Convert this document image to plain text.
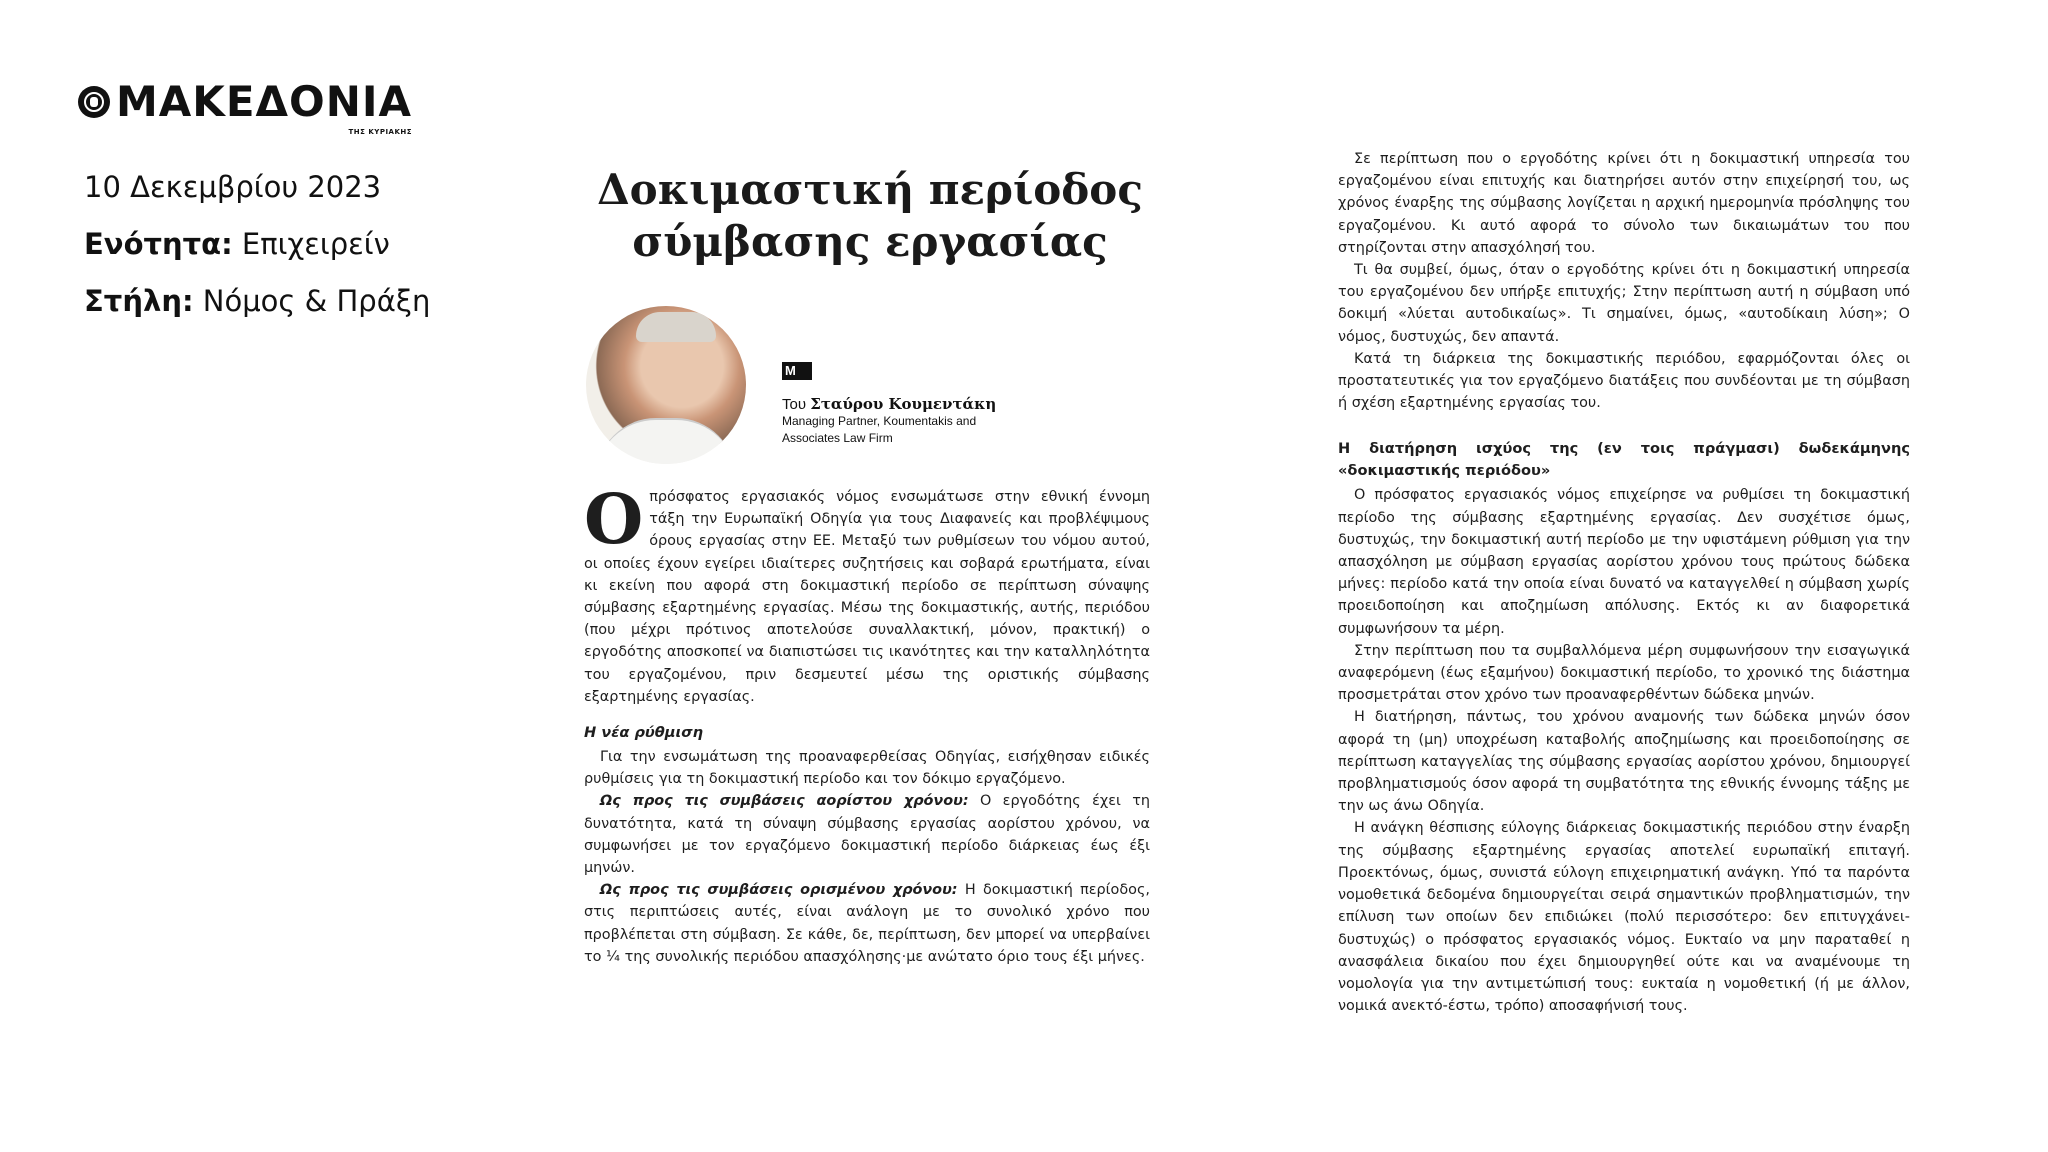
ΜΑΚΕΔΟΝΙΑ
ΤΗΣ ΚΥΡΙΑΚΗΣ
10 Δεκεμβρίου 2023
Ενότητα: Επιχειρείν
Στήλη: Νόμος & Πράξη
Δοκιμαστική περίοδος
σύμβασης εργασίας
M
Του Σταύρου Κουμεντάκη
Managing Partner, Koumentakis and Associates Law Firm

Οπρόσφατος εργασιακός νόμος ενσωμάτωσε στην εθνική έννομη τάξη την Ευρωπαϊκή Οδηγία για τους Διαφανείς και προβλέψιμους όρους εργασίας στην ΕΕ. Μεταξύ των ρυθμίσεων του νόμου αυτού, οι οποίες έχουν εγείρει ιδιαίτερες συζητήσεις και σοβαρά ερωτήματα, είναι κι εκείνη που αφορά στη δοκιμαστική περίοδο σε περίπτωση σύναψης σύμβασης εξαρτημένης εργασίας. Μέσω της δοκιμαστικής, αυτής, περιόδου (που μέχρι πρότινος αποτελούσε συναλλακτική, μόνον, πρακτική) ο εργοδότης αποσκοπεί να διαπιστώσει τις ικανότητες και την καταλληλότητα του εργαζομένου, πριν δεσμευτεί μέσω της οριστικής σύμβασης εξαρτημένης εργασίας.

Η νέα ρύθμιση

Για την ενσωμάτωση της προαναφερθείσας Οδηγίας, εισήχθησαν ειδικές ρυθμίσεις για τη δοκιμαστική περίοδο και τον δόκιμο εργαζόμενο.

Ως προς τις συμβάσεις αορίστου χρόνου: Ο εργοδότης έχει τη δυνατότητα, κατά τη σύναψη σύμβασης εργασίας αορίστου χρόνου, να συμφωνήσει με τον εργαζόμενο δοκιμαστική περίοδο διάρκειας έως έξι μηνών.

Ως προς τις συμβάσεις ορισμένου χρόνου: Η δοκιμαστική περίοδος, στις περιπτώσεις αυτές, είναι ανάλογη με το συνολικό χρόνο που προβλέπεται στη σύμβαση. Σε κάθε, δε, περίπτωση, δεν μπορεί να υπερβαίνει το ¼ της συνολικής περιόδου απασχόλησης·με ανώτατο όριο τους έξι μήνες.

Σε περίπτωση που ο εργοδότης κρίνει ότι η δοκιμαστική υπηρεσία του εργαζομένου είναι επιτυχής και διατηρήσει αυτόν στην επιχείρησή του, ως χρόνος έναρξης της σύμβασης λογίζεται η αρχική ημερομηνία πρόσληψης του εργαζομένου. Κι αυτό αφορά το σύνολο των δικαιωμάτων του που στηρίζονται στην απασχόλησή του.

Τι θα συμβεί, όμως, όταν ο εργοδότης κρίνει ότι η δοκιμαστική υπηρεσία του εργαζομένου δεν υπήρξε επιτυχής; Στην περίπτωση αυτή η σύμβαση υπό δοκιμή «λύεται αυτοδικαίως». Τι σημαίνει, όμως, «αυτοδίκαιη λύση»; Ο νόμος, δυστυχώς, δεν απαντά.

Κατά τη διάρκεια της δοκιμαστικής περιόδου, εφαρμόζονται όλες οι προστατευτικές για τον εργαζόμενο διατάξεις που συνδέονται με τη σύμβαση ή σχέση εξαρτημένης εργασίας του.

Η διατήρηση ισχύος της (εν τοις πράγμασι) δωδεκάμηνης «δοκιμαστικής περιόδου»

Ο πρόσφατος εργασιακός νόμος επιχείρησε να ρυθμίσει τη δοκιμαστική περίοδο της σύμβασης εξαρτημένης εργασίας. Δεν συσχέτισε όμως, δυστυχώς, την δοκιμαστική αυτή περίοδο με την υφιστάμενη ρύθμιση για την απασχόληση με σύμβαση εργασίας αορίστου χρόνου τους πρώτους δώδεκα μήνες: περίοδο κατά την οποία είναι δυνατό να καταγγελθεί η σύμβαση χωρίς προειδοποίηση και αποζημίωση απόλυσης. Εκτός κι αν διαφορετικά συμφωνήσουν τα μέρη.

Στην περίπτωση που τα συμβαλλόμενα μέρη συμφωνήσουν την εισαγωγικά αναφερόμενη (έως εξαμήνου) δοκιμαστική περίοδο, το χρονικό της διάστημα προσμετράται στον χρόνο των προαναφερθέντων δώδεκα μηνών.

Η διατήρηση, πάντως, του χρόνου αναμονής των δώδεκα μηνών όσον αφορά τη (μη) υποχρέωση καταβολής αποζημίωσης και προειδοποίησης σε περίπτωση καταγγελίας της σύμβασης εργασίας αορίστου χρόνου, δημιουργεί προβληματισμούς όσον αφορά τη συμβατότητα της εθνικής έννομης τάξης με την ως άνω Οδηγία.

Η ανάγκη θέσπισης εύλογης διάρκειας δοκιμαστικής περιόδου στην έναρξη της σύμβασης εξαρτημένης εργασίας αποτελεί ευρωπαϊκή επιταγή. Προεκτόνως, όμως, συνιστά εύλογη επιχειρηματική ανάγκη. Υπό τα παρόντα νομοθετικά δεδομένα δημιουργείται σειρά σημαντικών προβληματισμών, την επίλυση των οποίων δεν επιδιώκει (πολύ περισσότερο: δεν επιτυγχάνει-δυστυχώς) ο πρόσφατος εργασιακός νόμος. Ευκταίο να μην παραταθεί η ανασφάλεια δικαίου που έχει δημιουργηθεί ούτε και να αναμένουμε τη νομολογία για την αντιμετώπισή τους: ευκταία η νομοθετική (ή με άλλον, νομικά ανεκτό-έστω, τρόπο) αποσαφήνισή τους.
